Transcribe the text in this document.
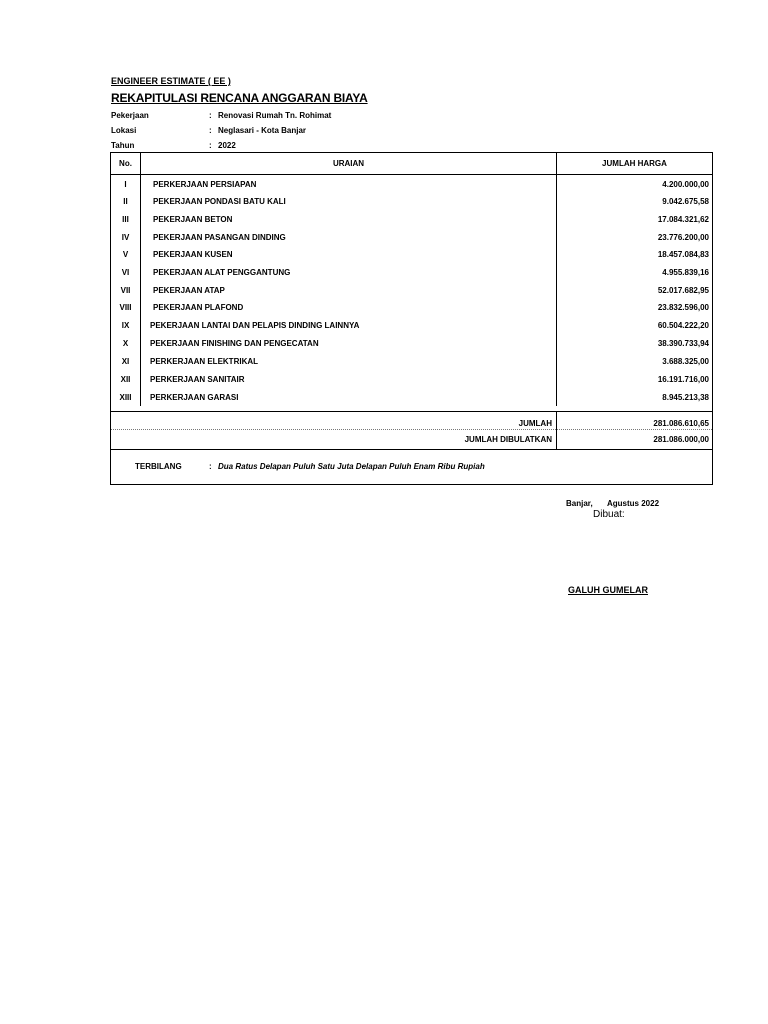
ENGINEER ESTIMATE ( EE )
REKAPITULASI RENCANA ANGGARAN BIAYA
Pekerjaan	: Renovasi Rumah Tn. Rohimat
Lokasi	: Neglasari - Kota Banjar
Tahun	: 2022
No.	URAIAN	JUMLAH HARGA
I	PERKERJAAN PERSIAPAN	4.200.000,00
II	PEKERJAAN PONDASI BATU KALI	9.042.675,58
III	PEKERJAAN BETON	17.084.321,62
IV	PEKERJAAN PASANGAN DINDING	23.776.200,00
V	PEKERJAAN KUSEN	18.457.084,83
VI	PEKERJAAN ALAT PENGGANTUNG	4.955.839,16
VII	PEKERJAAN ATAP	52.017.682,95
VIII	PEKERJAAN PLAFOND	23.832.596,00
IX	PEKERJAAN LANTAI DAN PELAPIS DINDING LAINNYA	60.504.222,20
X	PEKERJAAN FINISHING DAN PENGECATAN	38.390.733,94
XI	PERKERJAAN ELEKTRIKAL	3.688.325,00
XII	PERKERJAAN SANITAIR	16.191.716,00
XIII	PERKERJAAN GARASI	8.945.213,38
JUMLAH	281.086.610,65
JUMLAH DIBULATKAN	281.086.000,00
TERBILANG	: Dua Ratus Delapan Puluh Satu Juta Delapan Puluh Enam Ribu Rupiah
Banjar, Agustus 2022
Dibuat:
GALUH GUMELAR
